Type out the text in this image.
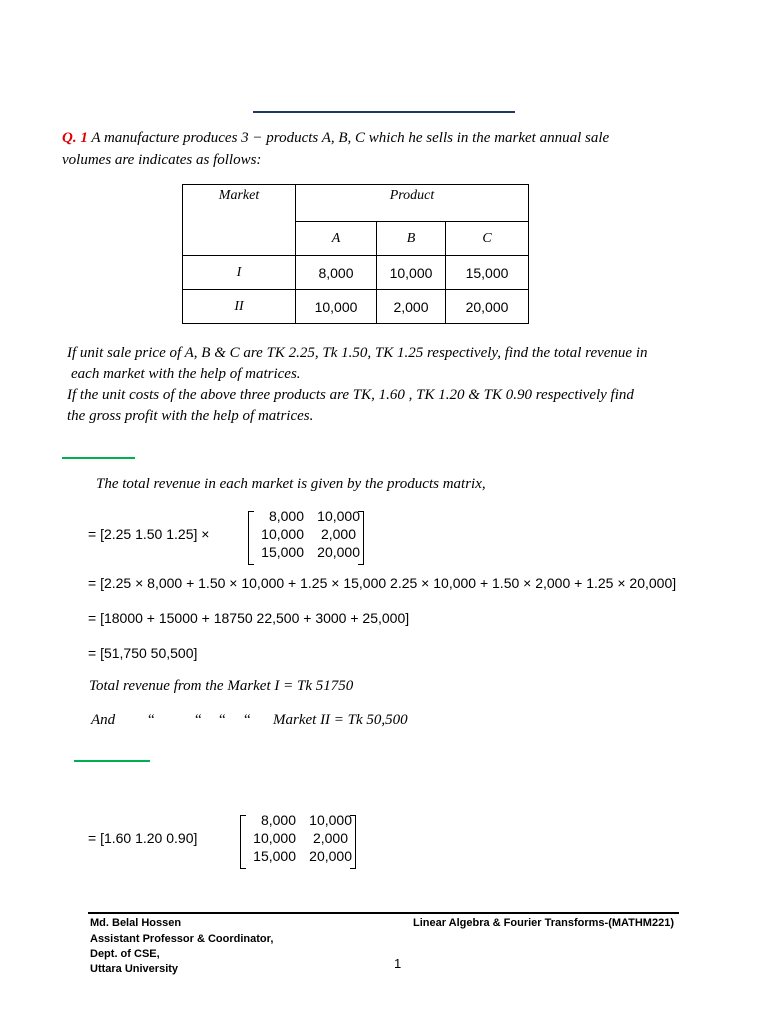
Q. 1 A manufacture produces 3 − products A, B, C which he sells in the market annual sale
volumes are indicates as follows:
Market	Product		
	A	B	C
I	8,000	10,000	15,000
II	10,000	2,000	20,000
If unit sale price of A, B & C are TK 2.25, Tk 1.50, TK 1.25 respectively, find the total revenue in
each market with the help of matrices.
If the unit costs of the above three products are TK, 1.60 , TK 1.20 & TK 0.90 respectively find
the gross profit with the help of matrices.
The total revenue in each market is given by the products matrix,
= [2.25 1.50 1.25] ×
8,000 10,000
10,000	2,000
15,000 20,000
= [2.25 × 8,000 + 1.50 × 10,000 + 1.25 × 15,000 2.25 × 10,000 + 1.50 × 2,000 + 1.25 × 20,000]
= [18000 + 15000 + 18750 22,500 + 3000 + 25,000]
= [51,750 50,500]
Total revenue from the Market I = Tk 51750
And “	“ “ “ Market II = Tk 50,500
= [1.60 1.20 0.90]
8,000 10,000
10,000	2,000
15,000 20,000
Md. Belal Hossen
Assistant Professor & Coordinator,
Dept. of CSE,
Uttara University
Linear Algebra & Fourier Transforms-(MATHM221)
1
